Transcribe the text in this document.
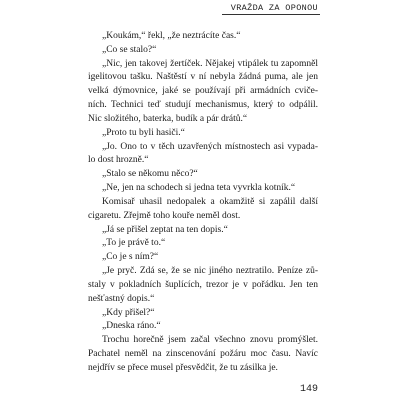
VRAŽDA ZA OPONOU
„Koukám,“ řekl, „že neztrácíte čas.“
„Co se stalo?“
„Nic, jen takovej žertíček. Nějakej vtipálek tu zapomněl
igelitovou tašku. Naštěstí v ní nebyla žádná puma, ale jen
velká dýmovnice, jaké se používají při armádních cviče-
ních. Technici teď studují mechanismus, který to odpálil.
Nic složitého, baterka, budík a pár drátů.“
„Proto tu byli hasiči.“
„Jo. Ono to v těch uzavřených místnostech asi vypada-
lo dost hrozně.“
„Stalo se někomu něco?“
„Ne, jen na schodech si jedna teta vyvrkla kotník.“
Komisař uhasil nedopalek a okamžitě si zapálil další
cigaretu. Zřejmě toho kouře neměl dost.
„Já se přišel zeptat na ten dopis.“
„To je právě to.“
„Co je s ním?“
„Je pryč. Zdá se, že se nic jiného neztratilo. Peníze zů-
staly v pokladních šuplících, trezor je v pořádku. Jen ten
nešťastný dopis.“
„Kdy přišel?“
„Dneska ráno.“
Trochu horečně jsem začal všechno znovu promýšlet.
Pachatel neměl na zinscenování požáru moc času. Navíc
nejdřív se přece musel přesvědčit, že tu zásilka je.
149
